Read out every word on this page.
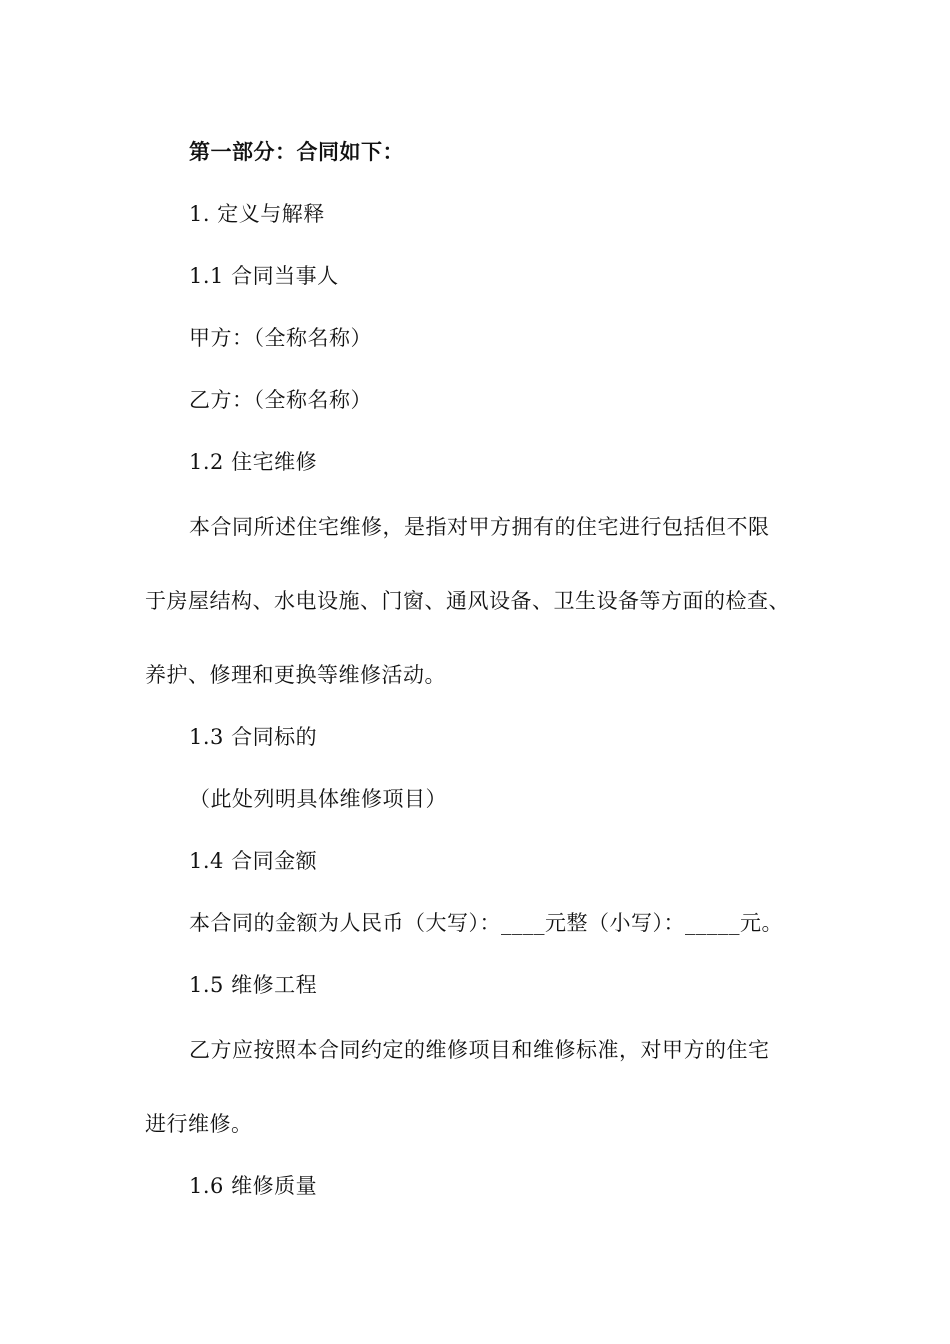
第一部分：合同如下：
1. 定义与解释
1.1 合同当事人
甲方：（全称名称）
乙方：（全称名称）
1.2 住宅维修
本合同所述住宅维修，是指对甲方拥有的住宅进行包括但不限
于房屋结构、水电设施、门窗、通风设备、卫生设备等方面的检查、
养护、修理和更换等维修活动。
1.3 合同标的
（此处列明具体维修项目）
1.4 合同金额
本合同的金额为人民币（大写）：____元整（小写）：_____元。
1.5 维修工程
乙方应按照本合同约定的维修项目和维修标准，对甲方的住宅
进行维修。
1.6 维修质量
